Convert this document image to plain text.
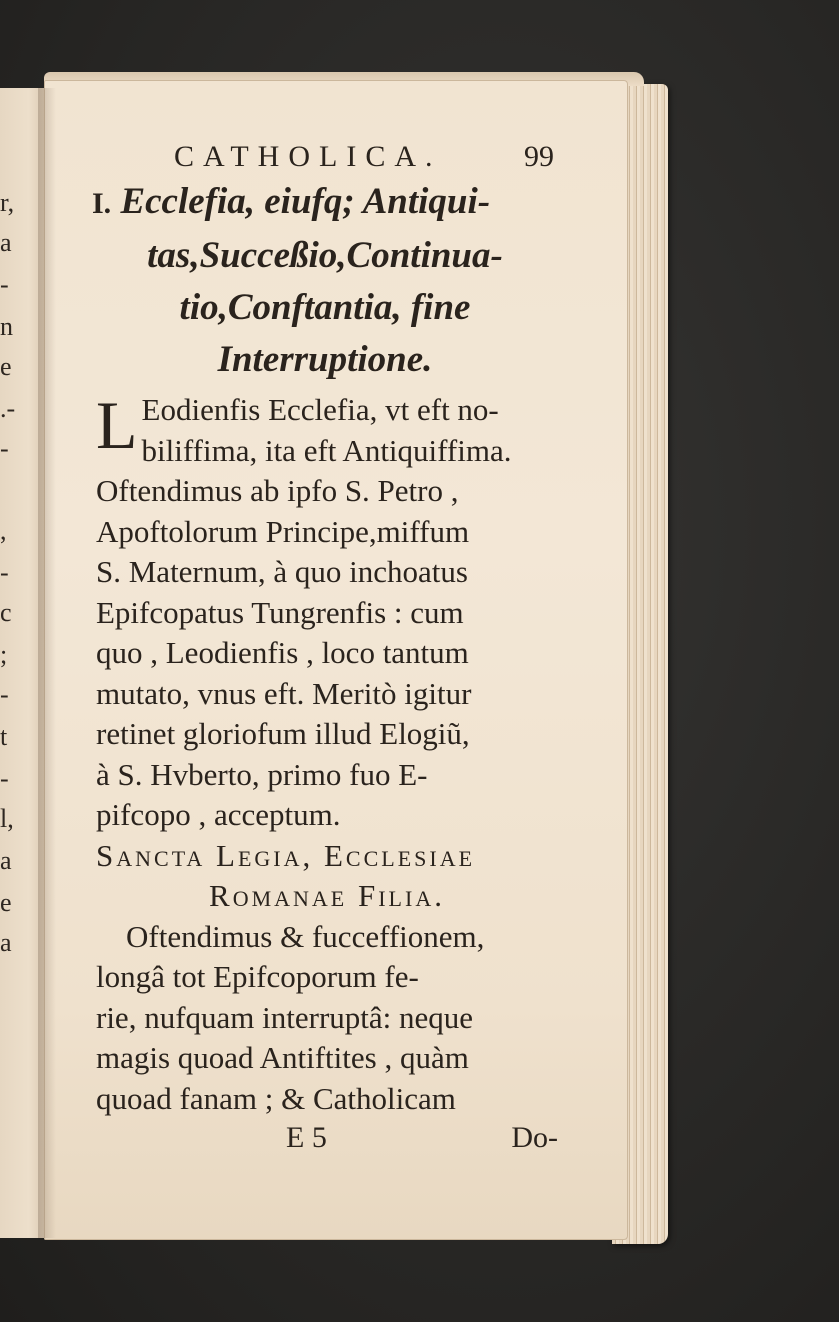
r,
a
-
n
e
.-
-
,
-
c
;
-
t
-
l,
a
e
a
CATHOLICA.	99
I. Ecclefia, eiufq; Antiqui-
tas,Succeßio,Continua-
tio,Conftantia, fine
Interruptione.
L Eodienfis Ecclefia, vt eft no-
biliffima, ita eft Antiquiffima.
Oftendimus ab ipfo S. Petro ,
Apoftolorum Principe,miffum
S. Maternum, à quo inchoatus
Epifcopatus Tungrenfis : cum
quo , Leodienfis , loco tantum
mutato, vnus eft. Meritò igitur
retinet gloriofum illud Elogiũ,
à S. Hvberto, primo fuo E-
pifcopo , acceptum.
Sancta Legia, Ecclesiae
Romanae Filia.
Oftendimus & fucceffionem,
longâ tot Epifcoporum fe-
rie, nufquam interruptâ: neque
magis quoad Antiftites , quàm
quoad fanam ; & Catholicam
E 5	Do-
